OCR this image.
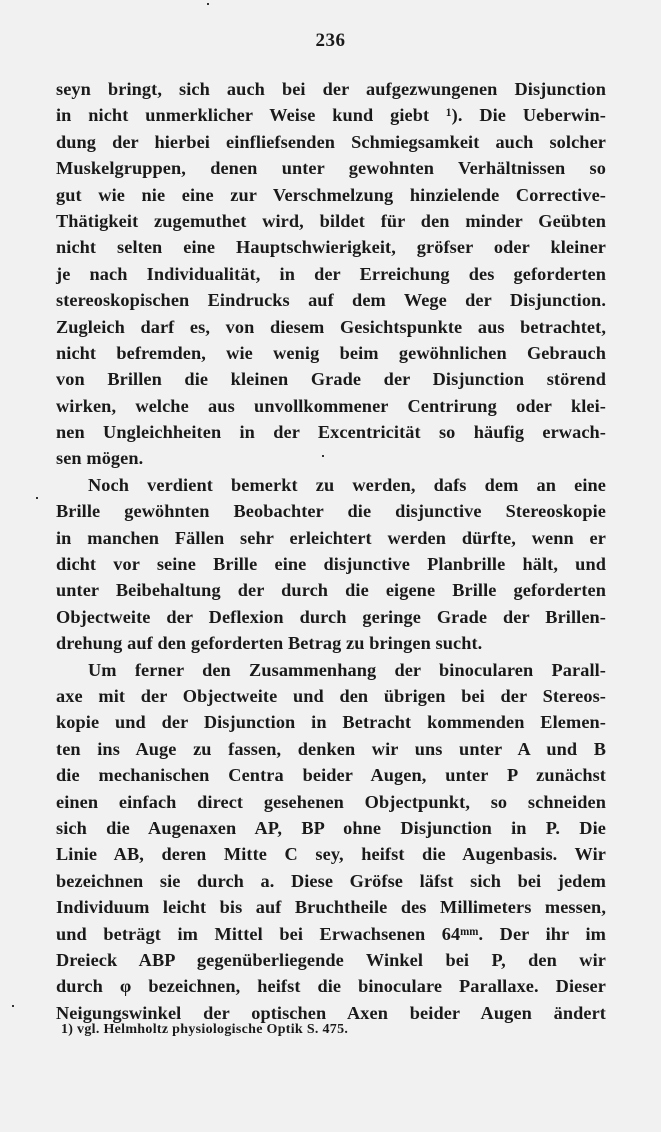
236
seyn bringt, sich auch bei der aufgezwungenen Disjunction
in nicht unmerklicher Weise kund giebt ¹). Die Ueberwin-
dung der hierbei einfliefsenden Schmiegsamkeit auch solcher
Muskelgruppen, denen unter gewohnten Verhältnissen so
gut wie nie eine zur Verschmelzung hinzielende Corrective-
Thätigkeit zugemuthet wird, bildet für den minder Geübten
nicht selten eine Hauptschwierigkeit, gröfser oder kleiner
je nach Individualität, in der Erreichung des geforderten
stereoskopischen Eindrucks auf dem Wege der Disjunction.
Zugleich darf es, von diesem Gesichtspunkte aus betrachtet,
nicht befremden, wie wenig beim gewöhnlichen Gebrauch
von Brillen die kleinen Grade der Disjunction störend
wirken, welche aus unvollkommener Centrirung oder klei-
nen Ungleichheiten in der Excentricität so häufig erwach-
sen mögen.
Noch verdient bemerkt zu werden, dafs dem an eine
Brille gewöhnten Beobachter die disjunctive Stereoskopie
in manchen Fällen sehr erleichtert werden dürfte, wenn er
dicht vor seine Brille eine disjunctive Planbrille hält, und
unter Beibehaltung der durch die eigene Brille geforderten
Objectweite der Deflexion durch geringe Grade der Brillen-
drehung auf den geforderten Betrag zu bringen sucht.
Um ferner den Zusammenhang der binocularen Parall-
axe mit der Objectweite und den übrigen bei der Stereos-
kopie und der Disjunction in Betracht kommenden Elemen-
ten ins Auge zu fassen, denken wir uns unter A und B
die mechanischen Centra beider Augen, unter P zunächst
einen einfach direct gesehenen Objectpunkt, so schneiden
sich die Augenaxen AP, BP ohne Disjunction in P. Die
Linie AB, deren Mitte C sey, heifst die Augenbasis. Wir
bezeichnen sie durch a. Diese Gröfse läfst sich bei jedem
Individuum leicht bis auf Bruchtheile des Millimeters messen,
und beträgt im Mittel bei Erwachsenen 64ᵐᵐ. Der ihr im
Dreieck ABP gegenüberliegende Winkel bei P, den wir
durch φ bezeichnen, heifst die binoculare Parallaxe. Dieser
Neigungswinkel der optischen Axen beider Augen ändert
1) vgl. Helmholtz physiologische Optik S. 475.
